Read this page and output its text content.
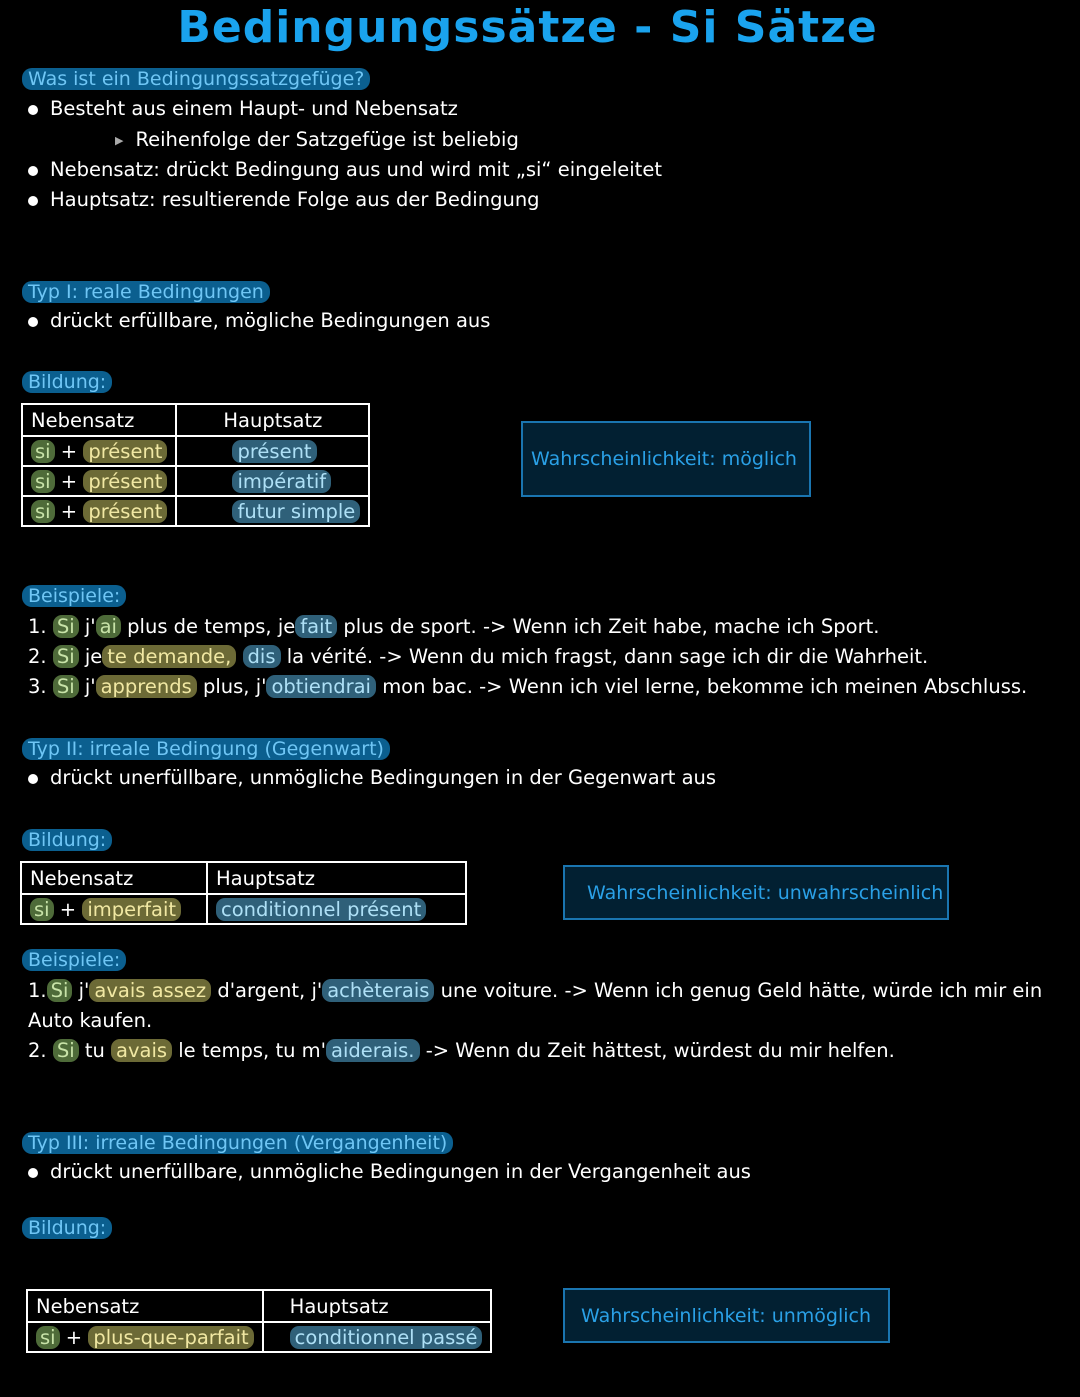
Bedingungssätze - Si Sätze
Was ist ein Bedingungssatzgefüge?
Besteht aus einem Haupt- und Nebensatz
▶ Reihenfolge der Satzgefüge ist beliebig
Nebensatz: drückt Bedingung aus und wird mit „si“ eingeleitet
Hauptsatz: resultierende Folge aus der Bedingung
Typ I: reale Bedingungen
drückt erfüllbare, mögliche Bedingungen aus
Bildung:
Nebensatz	Hauptsatz
si + présent	présent
si + présent	impératif
si + présent	futur simple
Wahrscheinlichkeit: möglich
Beispiele:
1. Si j' ai plus de temps, je fait plus de sport. -> Wenn ich Zeit habe, mache ich Sport.
2. Si je te demande, dis la vérité. -> Wenn du mich fragst, dann sage ich dir die Wahrheit.
3. Si j' apprends plus, j' obtiendrai mon bac. -> Wenn ich viel lerne, bekomme ich meinen Abschluss.
Typ II: irreale Bedingung (Gegenwart)
drückt unerfüllbare, unmögliche Bedingungen in der Gegenwart aus
Bildung:
Nebensatz	Hauptsatz
si + imperfait	conditionnel présent
Wahrscheinlichkeit: unwahrscheinlich
Beispiele:
1. Si j' avais assez d'argent, j' achèterais une voiture. -> Wenn ich genug Geld hätte, würde ich mir ein
Auto kaufen.
2. Si tu avais le temps, tu m' aiderais. -> Wenn du Zeit hättest, würdest du mir helfen.
Typ III: irreale Bedingungen (Vergangenheit)
drückt unerfüllbare, unmögliche Bedingungen in der Vergangenheit aus
Bildung:
Nebensatz	Hauptsatz
si + plus-que-parfait	conditionnel passé
Wahrscheinlichkeit: unmöglich
